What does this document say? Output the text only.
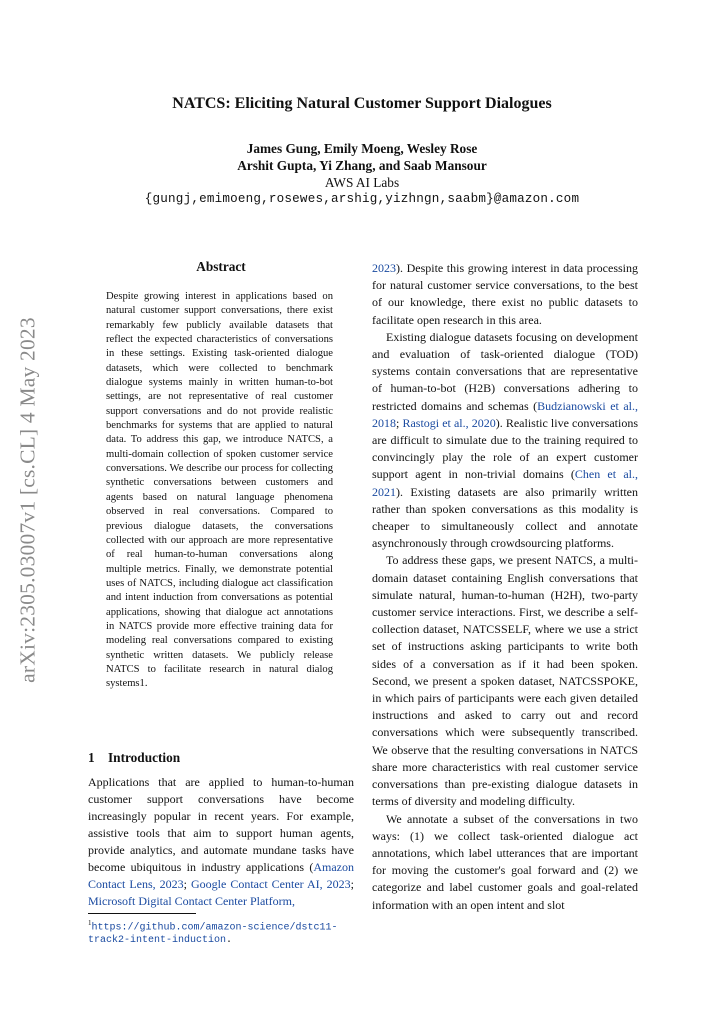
arXiv:2305.03007v1 [cs.CL] 4 May 2023
NATCS: Eliciting Natural Customer Support Dialogues
James Gung, Emily Moeng, Wesley Rose
Arshit Gupta, Yi Zhang, and Saab Mansour
AWS AI Labs
{gungj,emimoeng,rosewes,arshig,yizhngn,saabm}@amazon.com
Abstract
Despite growing interest in applications based on natural customer support conversations, there exist remarkably few publicly available datasets that reflect the expected characteristics of conversations in these settings. Existing task-oriented dialogue datasets, which were collected to benchmark dialogue systems mainly in written human-to-bot settings, are not representative of real customer support conversations and do not provide realistic benchmarks for systems that are applied to natural data. To address this gap, we introduce NATCS, a multi-domain collection of spoken customer service conversations. We describe our process for collecting synthetic conversations between customers and agents based on natural language phenomena observed in real conversations. Compared to previous dialogue datasets, the conversations collected with our approach are more representative of real human-to-human conversations along multiple metrics. Finally, we demonstrate potential uses of NATCS, including dialogue act classification and intent induction from conversations as potential applications, showing that dialogue act annotations in NATCS provide more effective training data for modeling real conversations compared to existing synthetic written datasets. We publicly release NATCS to facilitate research in natural dialog systems1.
1 Introduction
Applications that are applied to human-to-human customer support conversations have become increasingly popular in recent years. For example, assistive tools that aim to support human agents, provide analytics, and automate mundane tasks have become ubiquitous in industry applications (Amazon Contact Lens, 2023; Google Contact Center AI, 2023; Microsoft Digital Contact Center Platform,
$^1$https://github.com/amazon-science/dstc11-track2-intent-induction.

2023). Despite this growing interest in data processing for natural customer service conversations, to the best of our knowledge, there exist no public datasets to facilitate open research in this area.

Existing dialogue datasets focusing on development and evaluation of task-oriented dialogue (TOD) systems contain conversations that are representative of human-to-bot (H2B) conversations adhering to restricted domains and schemas (Budzianowski et al., 2018; Rastogi et al., 2020). Realistic live conversations are difficult to simulate due to the training required to convincingly play the role of an expert customer support agent in non-trivial domains (Chen et al., 2021). Existing datasets are also primarily written rather than spoken conversations as this modality is cheaper to simultaneously collect and annotate asynchronously through crowdsourcing platforms.

To address these gaps, we present NATCS, a multi-domain dataset containing English conversations that simulate natural, human-to-human (H2H), two-party customer service interactions. First, we describe a self-collection dataset, NATCSSELF, where we use a strict set of instructions asking participants to write both sides of a conversation as if it had been spoken. Second, we present a spoken dataset, NATCSSPOKE, in which pairs of participants were each given detailed instructions and asked to carry out and record conversations which were subsequently transcribed. We observe that the resulting conversations in NATCS share more characteristics with real customer service conversations than pre-existing dialogue datasets in terms of diversity and modeling difficulty.

We annotate a subset of the conversations in two ways: (1) we collect task-oriented dialogue act annotations, which label utterances that are important for moving the customer's goal forward and (2) we categorize and label customer goals and goal-related information with an open intent and slot
